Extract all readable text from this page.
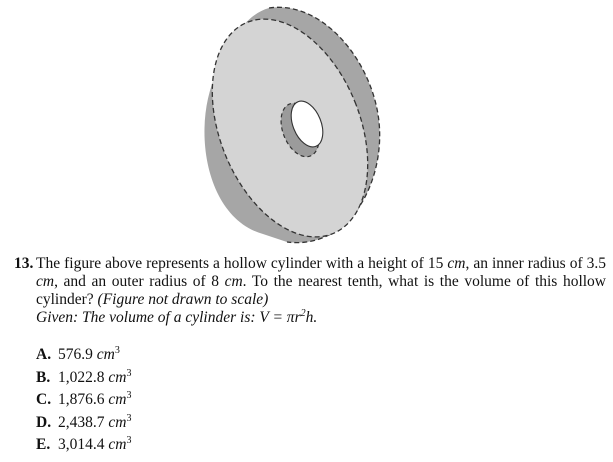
13. The figure above represents a hollow cylinder with a height of 15 cm, an inner radius of 3.5 cm, and an outer radius of 8 cm. To the nearest tenth, what is the volume of this hollow cylinder? (Figure not drawn to scale)
Given: The volume of a cylinder is: $V = \pi r^2h$.
A. 576.9 $cm^3$
B. 1,022.8 $cm^3$
C. 1,876.6 $cm^3$
D. 2,438.7 $cm^3$
E. 3,014.4 $cm^3$
